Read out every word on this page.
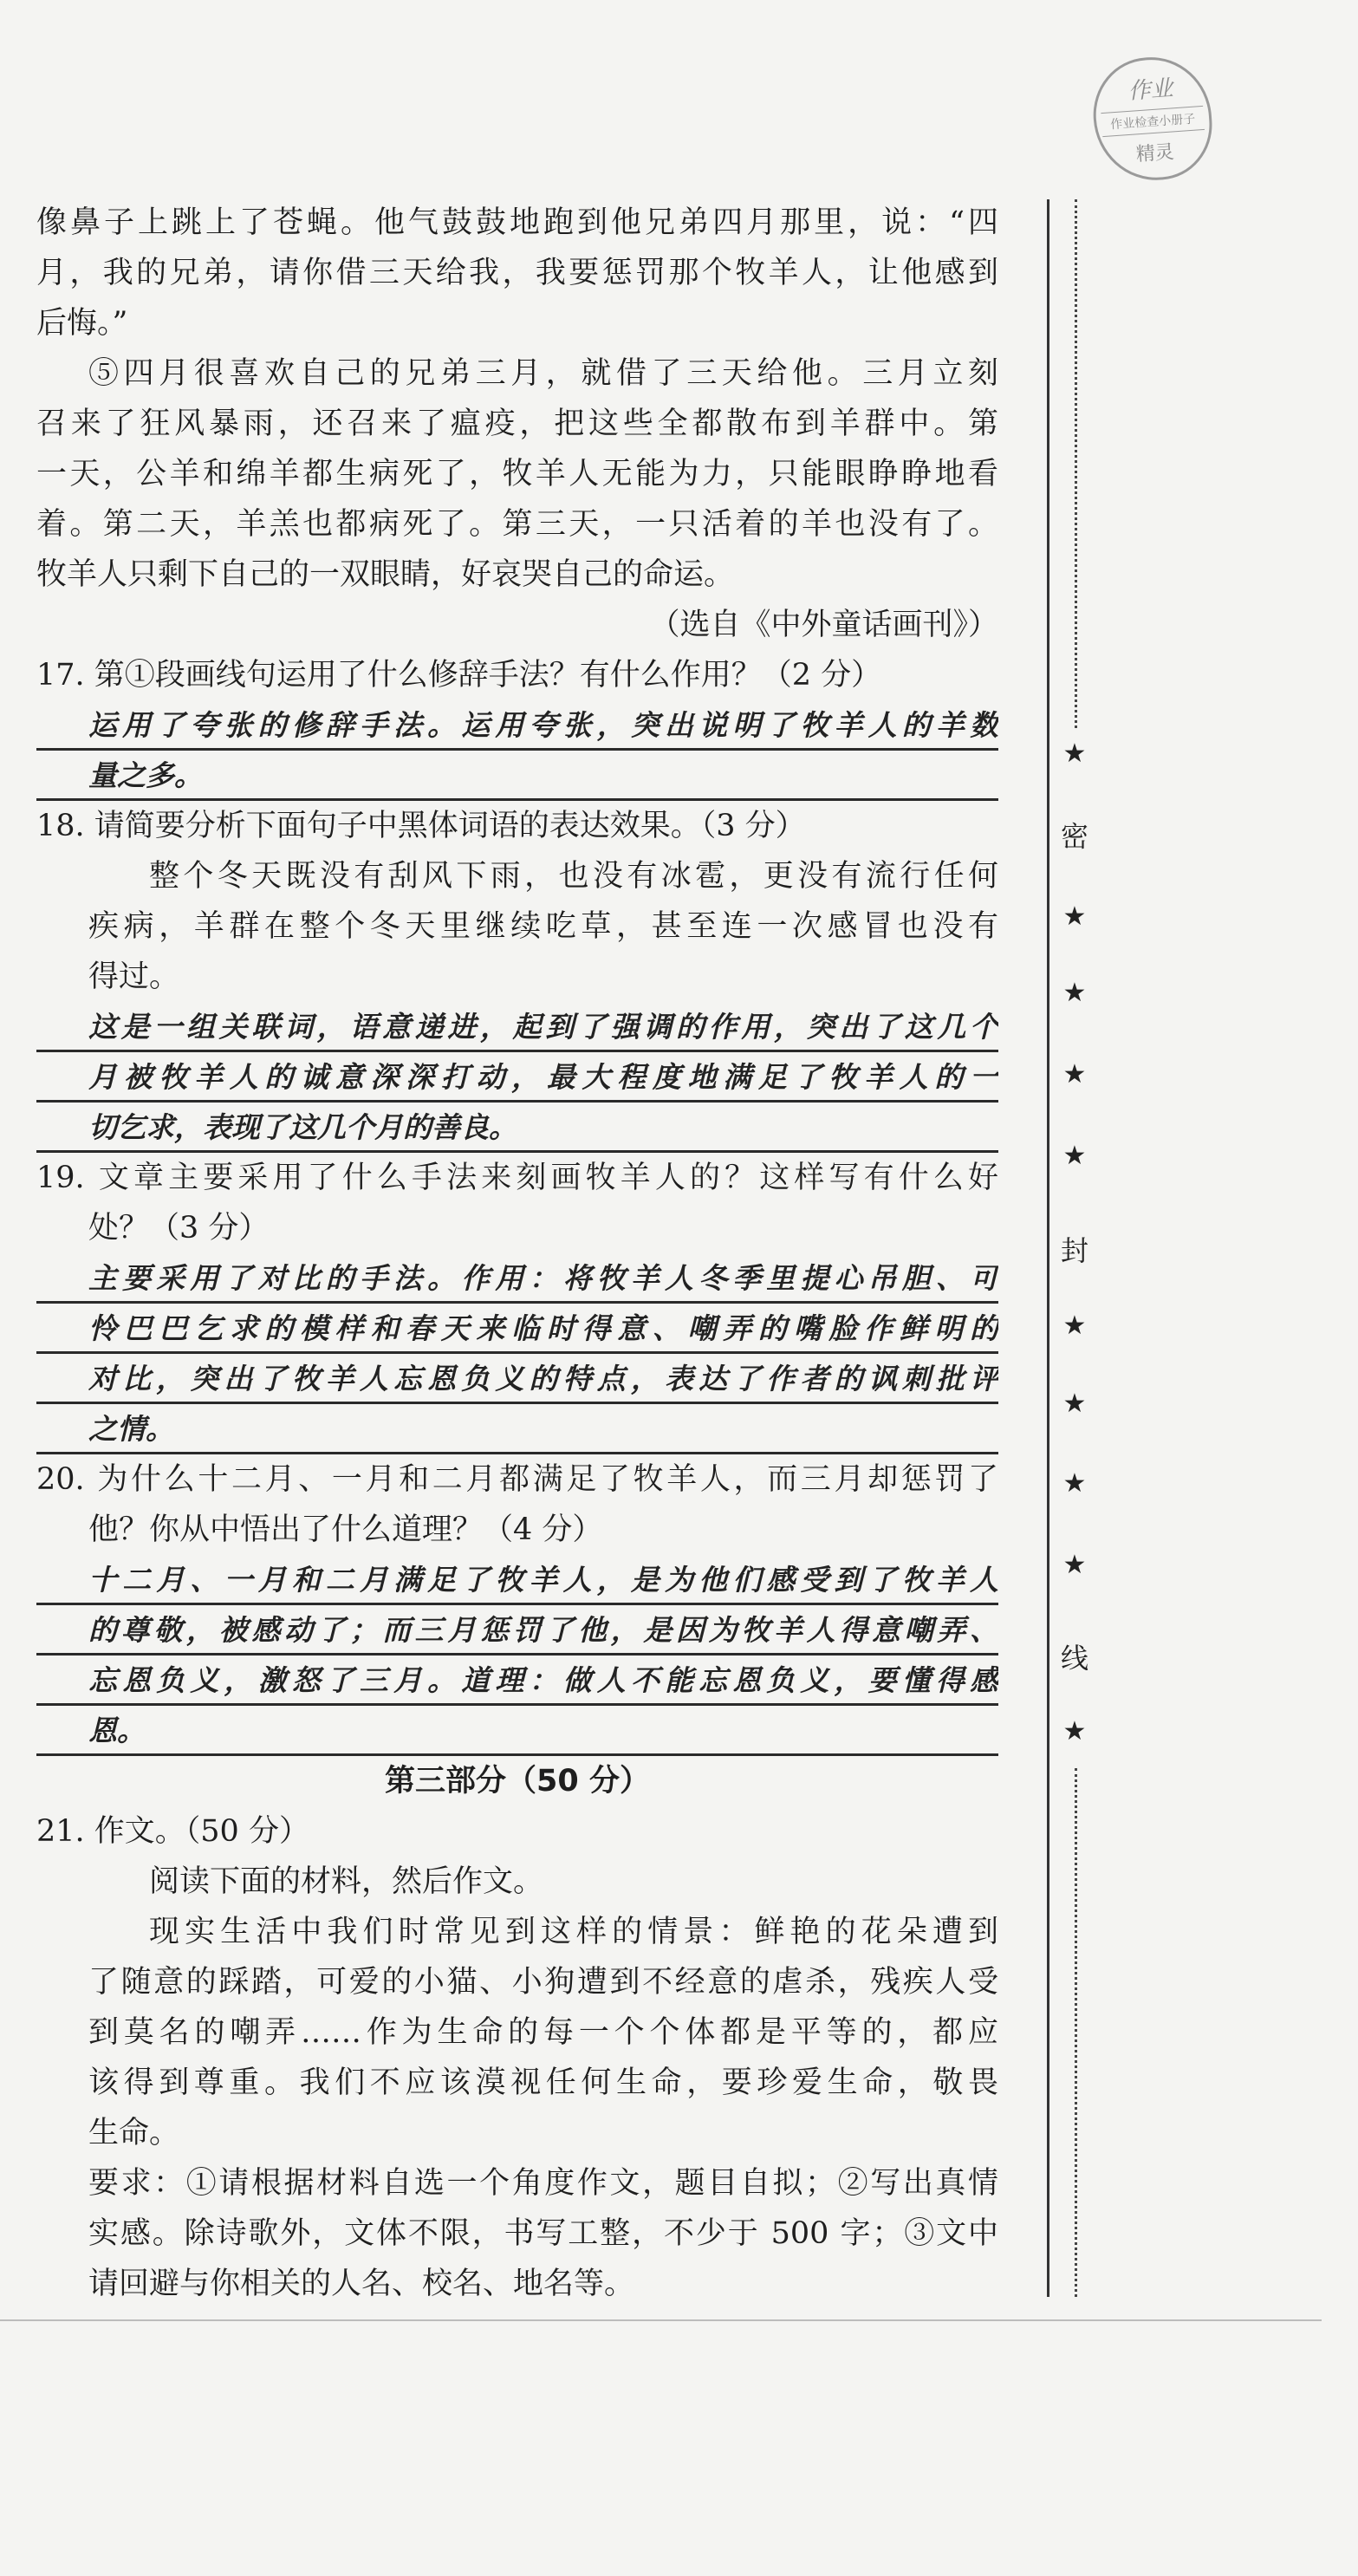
作业
作业检查小册子
精灵
像鼻子上跳上了苍蝇。他气鼓鼓地跑到他兄弟四月那里，说：“四
月，我的兄弟，请你借三天给我，我要惩罚那个牧羊人，让他感到
后悔。”
⑤四月很喜欢自己的兄弟三月，就借了三天给他。三月立刻
召来了狂风暴雨，还召来了瘟疫，把这些全都散布到羊群中。第
一天，公羊和绵羊都生病死了，牧羊人无能为力，只能眼睁睁地看
着。第二天，羊羔也都病死了。第三天，一只活着的羊也没有了。
牧羊人只剩下自己的一双眼睛，好哀哭自己的命运。
（选自《中外童话画刊》）
17. 第①段画线句运用了什么修辞手法？有什么作用？（2 分）
运用了夸张的修辞手法。运用夸张，突出说明了牧羊人的羊数
量之多。
18. 请简要分析下面句子中黑体词语的表达效果。（3 分）
整个冬天既没有刮风下雨，也没有冰雹，更没有流行任何
疾病，羊群在整个冬天里继续吃草，甚至连一次感冒也没有
得过。
这是一组关联词，语意递进，起到了强调的作用，突出了这几个
月被牧羊人的诚意深深打动，最大程度地满足了牧羊人的一
切乞求，表现了这几个月的善良。
19. 文章主要采用了什么手法来刻画牧羊人的？这样写有什么好
处？（3 分）
主要采用了对比的手法。作用：将牧羊人冬季里提心吊胆、可
怜巴巴乞求的模样和春天来临时得意、嘲弄的嘴脸作鲜明的
对比，突出了牧羊人忘恩负义的特点，表达了作者的讽刺批评
之情。
20. 为什么十二月、一月和二月都满足了牧羊人，而三月却惩罚了
他？你从中悟出了什么道理？（4 分）
十二月、一月和二月满足了牧羊人，是为他们感受到了牧羊人
的尊敬，被感动了；而三月惩罚了他，是因为牧羊人得意嘲弄、
忘恩负义，激怒了三月。道理：做人不能忘恩负义，要懂得感
恩。
第三部分（50 分）
21. 作文。（50 分）
阅读下面的材料，然后作文。
现实生活中我们时常见到这样的情景：鲜艳的花朵遭到
了随意的踩踏，可爱的小猫、小狗遭到不经意的虐杀，残疾人受
到莫名的嘲弄……作为生命的每一个个体都是平等的，都应
该得到尊重。我们不应该漠视任何生命，要珍爱生命，敬畏
生命。
要求：①请根据材料自选一个角度作文，题目自拟；②写出真情
实感。除诗歌外，文体不限，书写工整，不少于 500 字；③文中
请回避与你相关的人名、校名、地名等。
★
密
★
★
★
★
封
★
★
★
★
线
★
